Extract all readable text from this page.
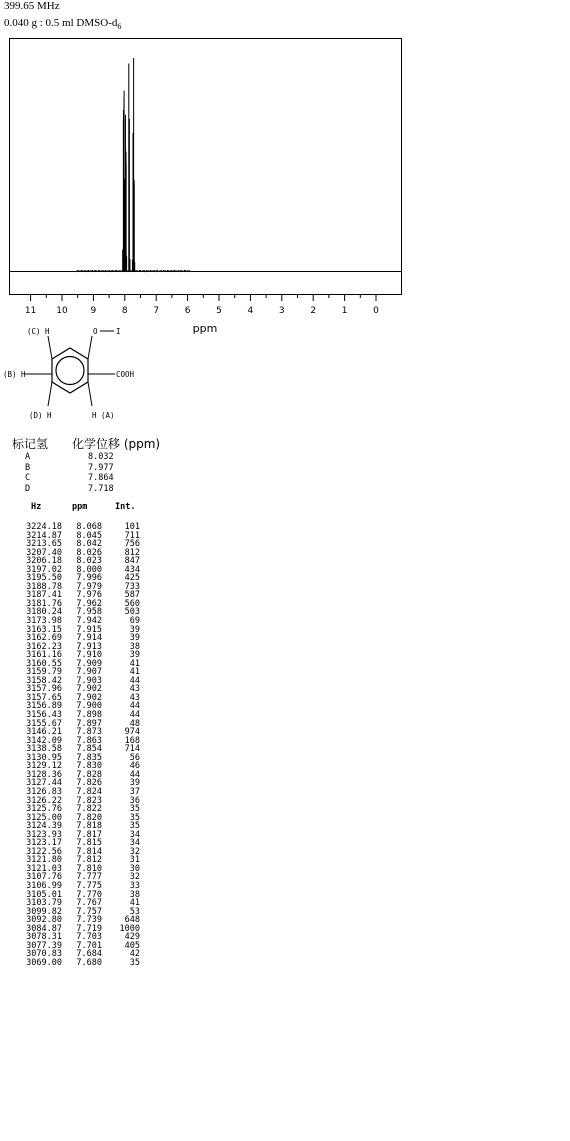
399.65 MHz
0.040 g : 0.5 ml DMSO-$d_6$
11 10	9	8	7	6	5	4	3	2	1	0
ppm
(C) H	O I
(B) H	COOH
(D) H	H (A)
标记氢 化学位移 (ppm)
A	8.032
B	7.977
C	7.864
D	7.718
Hz	ppm	Int.
3224.18	8.068	101
3214.87	8.045	711
3213.65	8.042	756
3207.40	8.026	812
3206.18	8.023	847
3197.02	8.000	434
3195.50	7.996	425
3188.78	7.979	733
3187.41	7.976	587
3181.76	7.962	560
3180.24	7.958	503
3173.98	7.942	69
3163.15	7.915	39
3162.69	7.914	39
3162.23	7.913	38
3161.16	7.910	39
3160.55	7.909	41
3159.79	7.907	41
3158.42	7.903	44
3157.96	7.902	43
3157.65	7.902	43
3156.89	7.900	44
3156.43	7.898	44
3155.67	7.897	48
3146.21	7.873	974
3142.09	7.863	168
3138.58	7.854	714
3130.95	7.835	56
3129.12	7.830	46
3128.36	7.828	44
3127.44	7.826	39
3126.83	7.824	37
3126.22	7.823	36
3125.76	7.822	35
3125.00	7.820	35
3124.39	7.818	35
3123.93	7.817	34
3123.17	7.815	34
3122.56	7.814	32
3121.80	7.812	31
3121.03	7.810	30
3107.76	7.777	32
3106.99	7.775	33
3105.01	7.770	38
3103.79	7.767	41
3099.82	7.757	53
3092.80	7.739	648
3084.87	7.719	1000
3078.31	7.703	429
3077.39	7.701	405
3070.83	7.684	42
3069.00	7.680	35
